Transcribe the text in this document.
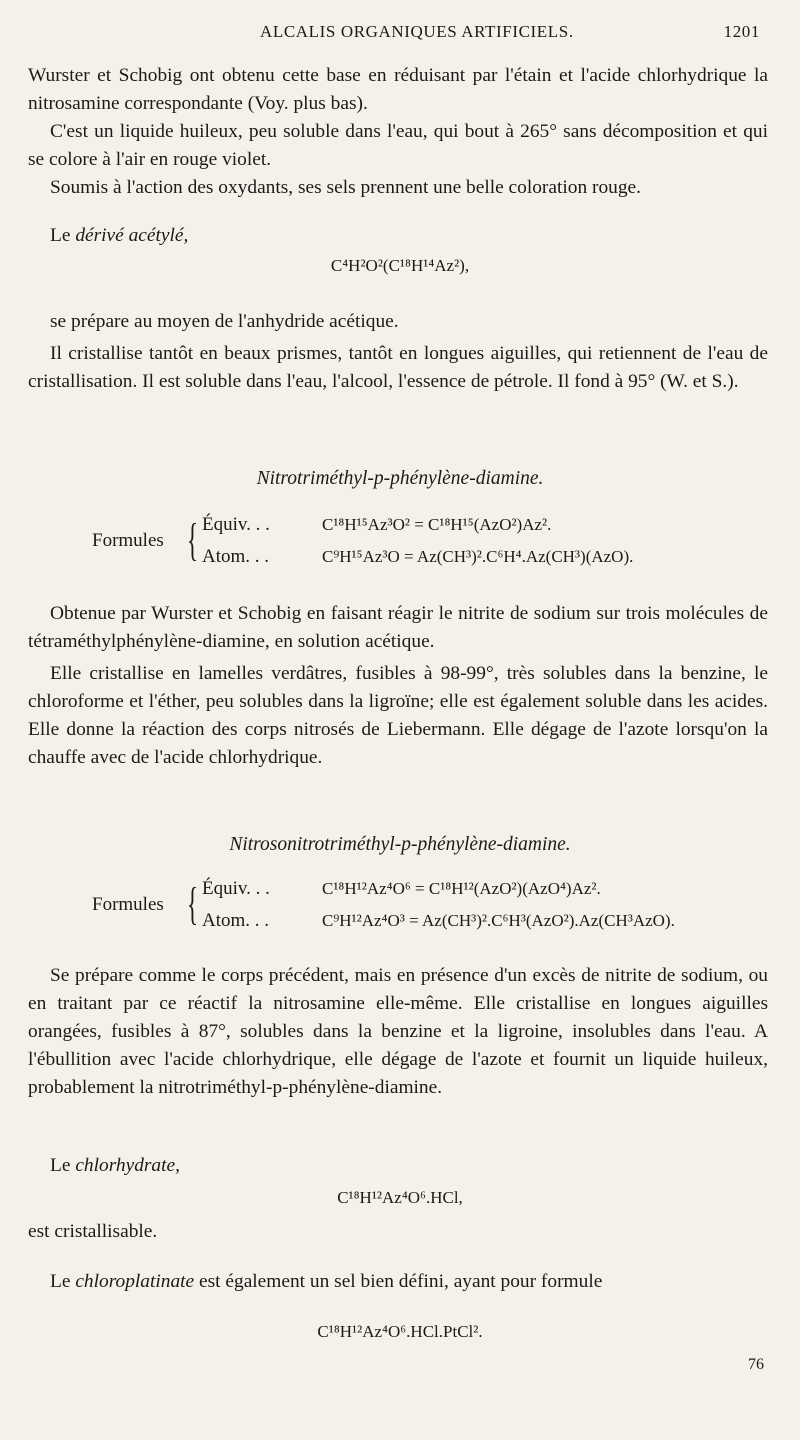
ALCALIS ORGANIQUES ARTIFICIELS.	1201
Wurster et Schobig ont obtenu cette base en réduisant par l'étain et l'acide chlorhydrique la nitrosamine correspondante (Voy. plus bas).
C'est un liquide huileux, peu soluble dans l'eau, qui bout à 265° sans décomposition et qui se colore à l'air en rouge violet.
Soumis à l'action des oxydants, ses sels prennent une belle coloration rouge.
Le dérivé acétylé,
C⁴H²O²(C¹⁸H¹⁴Az²),
se prépare au moyen de l'anhydride acétique.
Il cristallise tantôt en beaux prismes, tantôt en longues aiguilles, qui retiennent de l'eau de cristallisation. Il est soluble dans l'eau, l'alcool, l'essence de pétrole. Il fond à 95° (W. et S.).
Nitrotriméthyl-p-phénylène-diamine.
Formules { Équiv. . .	C¹⁸H¹⁵Az³O² = C¹⁸H¹⁵(AzO²)Az².
Atom. . .	C⁹H¹⁵Az³O = Az(CH³)².C⁶H⁴.Az(CH³)(AzO).
Obtenue par Wurster et Schobig en faisant réagir le nitrite de sodium sur trois molécules de tétraméthylphénylène-diamine, en solution acétique.
Elle cristallise en lamelles verdâtres, fusibles à 98-99°, très solubles dans la benzine, le chloroforme et l'éther, peu solubles dans la ligroïne; elle est également soluble dans les acides. Elle donne la réaction des corps nitrosés de Liebermann. Elle dégage de l'azote lorsqu'on la chauffe avec de l'acide chlorhydrique.
Nitrosonitrotriméthyl-p-phénylène-diamine.
Formules { Équiv. . .	C¹⁸H¹²Az⁴O⁶ = C¹⁸H¹²(AzO²)(AzO⁴)Az².
Atom. . .	C⁹H¹²Az⁴O³ = Az(CH³)².C⁶H³(AzO²).Az(CH³AzO).
Se prépare comme le corps précédent, mais en présence d'un excès de nitrite de sodium, ou en traitant par ce réactif la nitrosamine elle-même. Elle cristallise en longues aiguilles orangées, fusibles à 87°, solubles dans la benzine et la ligroine, insolubles dans l'eau. A l'ébullition avec l'acide chlorhydrique, elle dégage de l'azote et fournit un liquide huileux, probablement la nitrotriméthyl-p-phénylène-diamine.
Le chlorhydrate,
C¹⁸H¹²Az⁴O⁶.HCl,
est cristallisable.
Le chloroplatinate est également un sel bien défini, ayant pour formule
C¹⁸H¹²Az⁴O⁶.HCl.PtCl².
76
